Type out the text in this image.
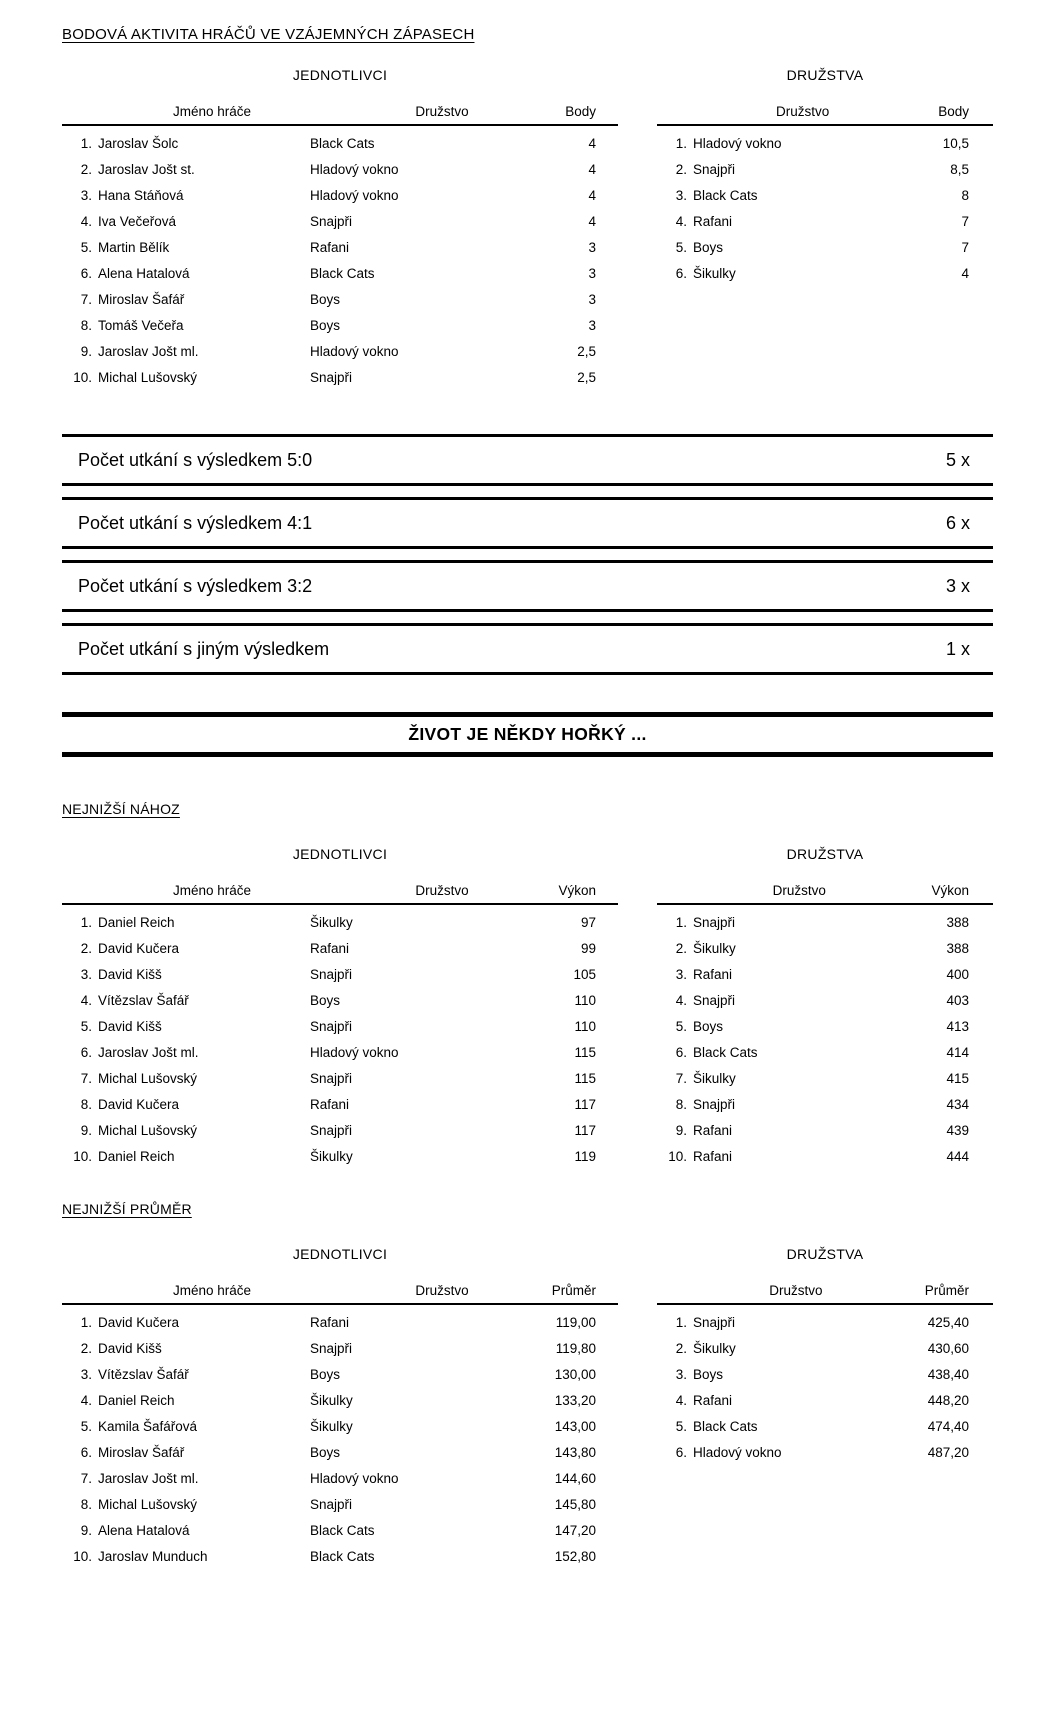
BODOVÁ AKTIVITA HRÁČŮ VE VZÁJEMNÝCH ZÁPASECH
JEDNOTLIVCI
Jméno hráče	Družstvo	Body
1. Jaroslav Šolc	Black Cats	4
2. Jaroslav Jošt st.	Hladový vokno	4
3. Hana Stáňová	Hladový vokno	4
4. Iva Večeřová	Snajpři	4
5. Martin Bělík	Rafani	3
6. Alena Hatalová	Black Cats	3
7. Miroslav Šafář	Boys	3
8. Tomáš Večeřa	Boys	3
9. Jaroslav Jošt ml.	Hladový vokno	2,5
10. Michal Lušovský	Snajpři	2,5
DRUŽSTVA
Družstvo	Body
1. Hladový vokno	10,5
2. Snajpři	8,5
3. Black Cats	8
4. Rafani	7
5. Boys	7
6. Šikulky	4
Počet utkání s výsledkem 5:0	5 x
Počet utkání s výsledkem 4:1	6 x
Počet utkání s výsledkem 3:2	3 x
Počet utkání s jiným výsledkem	1 x
ŽIVOT JE NĚKDY HOŘKÝ ...
NEJNIŽŠÍ NÁHOZ
JEDNOTLIVCI
Jméno hráče	Družstvo	Výkon
1. Daniel Reich	Šikulky	97
2. David Kučera	Rafani	99
3. David Kišš	Snajpři	105
4. Vítězslav Šafář	Boys	110
5. David Kišš	Snajpři	110
6. Jaroslav Jošt ml.	Hladový vokno	115
7. Michal Lušovský	Snajpři	115
8. David Kučera	Rafani	117
9. Michal Lušovský	Snajpři	117
10. Daniel Reich	Šikulky	119
DRUŽSTVA
Družstvo	Výkon
1. Snajpři	388
2. Šikulky	388
3. Rafani	400
4. Snajpři	403
5. Boys	413
6. Black Cats	414
7. Šikulky	415
8. Snajpři	434
9. Rafani	439
10. Rafani	444
NEJNIŽŠÍ PRŮMĚR
JEDNOTLIVCI
Jméno hráče	Družstvo	Průměr
1. David Kučera	Rafani	119,00
2. David Kišš	Snajpři	119,80
3. Vítězslav Šafář	Boys	130,00
4. Daniel Reich	Šikulky	133,20
5. Kamila Šafářová	Šikulky	143,00
6. Miroslav Šafář	Boys	143,80
7. Jaroslav Jošt ml.	Hladový vokno	144,60
8. Michal Lušovský	Snajpři	145,80
9. Alena Hatalová	Black Cats	147,20
10. Jaroslav Munduch	Black Cats	152,80
DRUŽSTVA
Družstvo	Průměr
1. Snajpři	425,40
2. Šikulky	430,60
3. Boys	438,40
4. Rafani	448,20
5. Black Cats	474,40
6. Hladový vokno	487,20
